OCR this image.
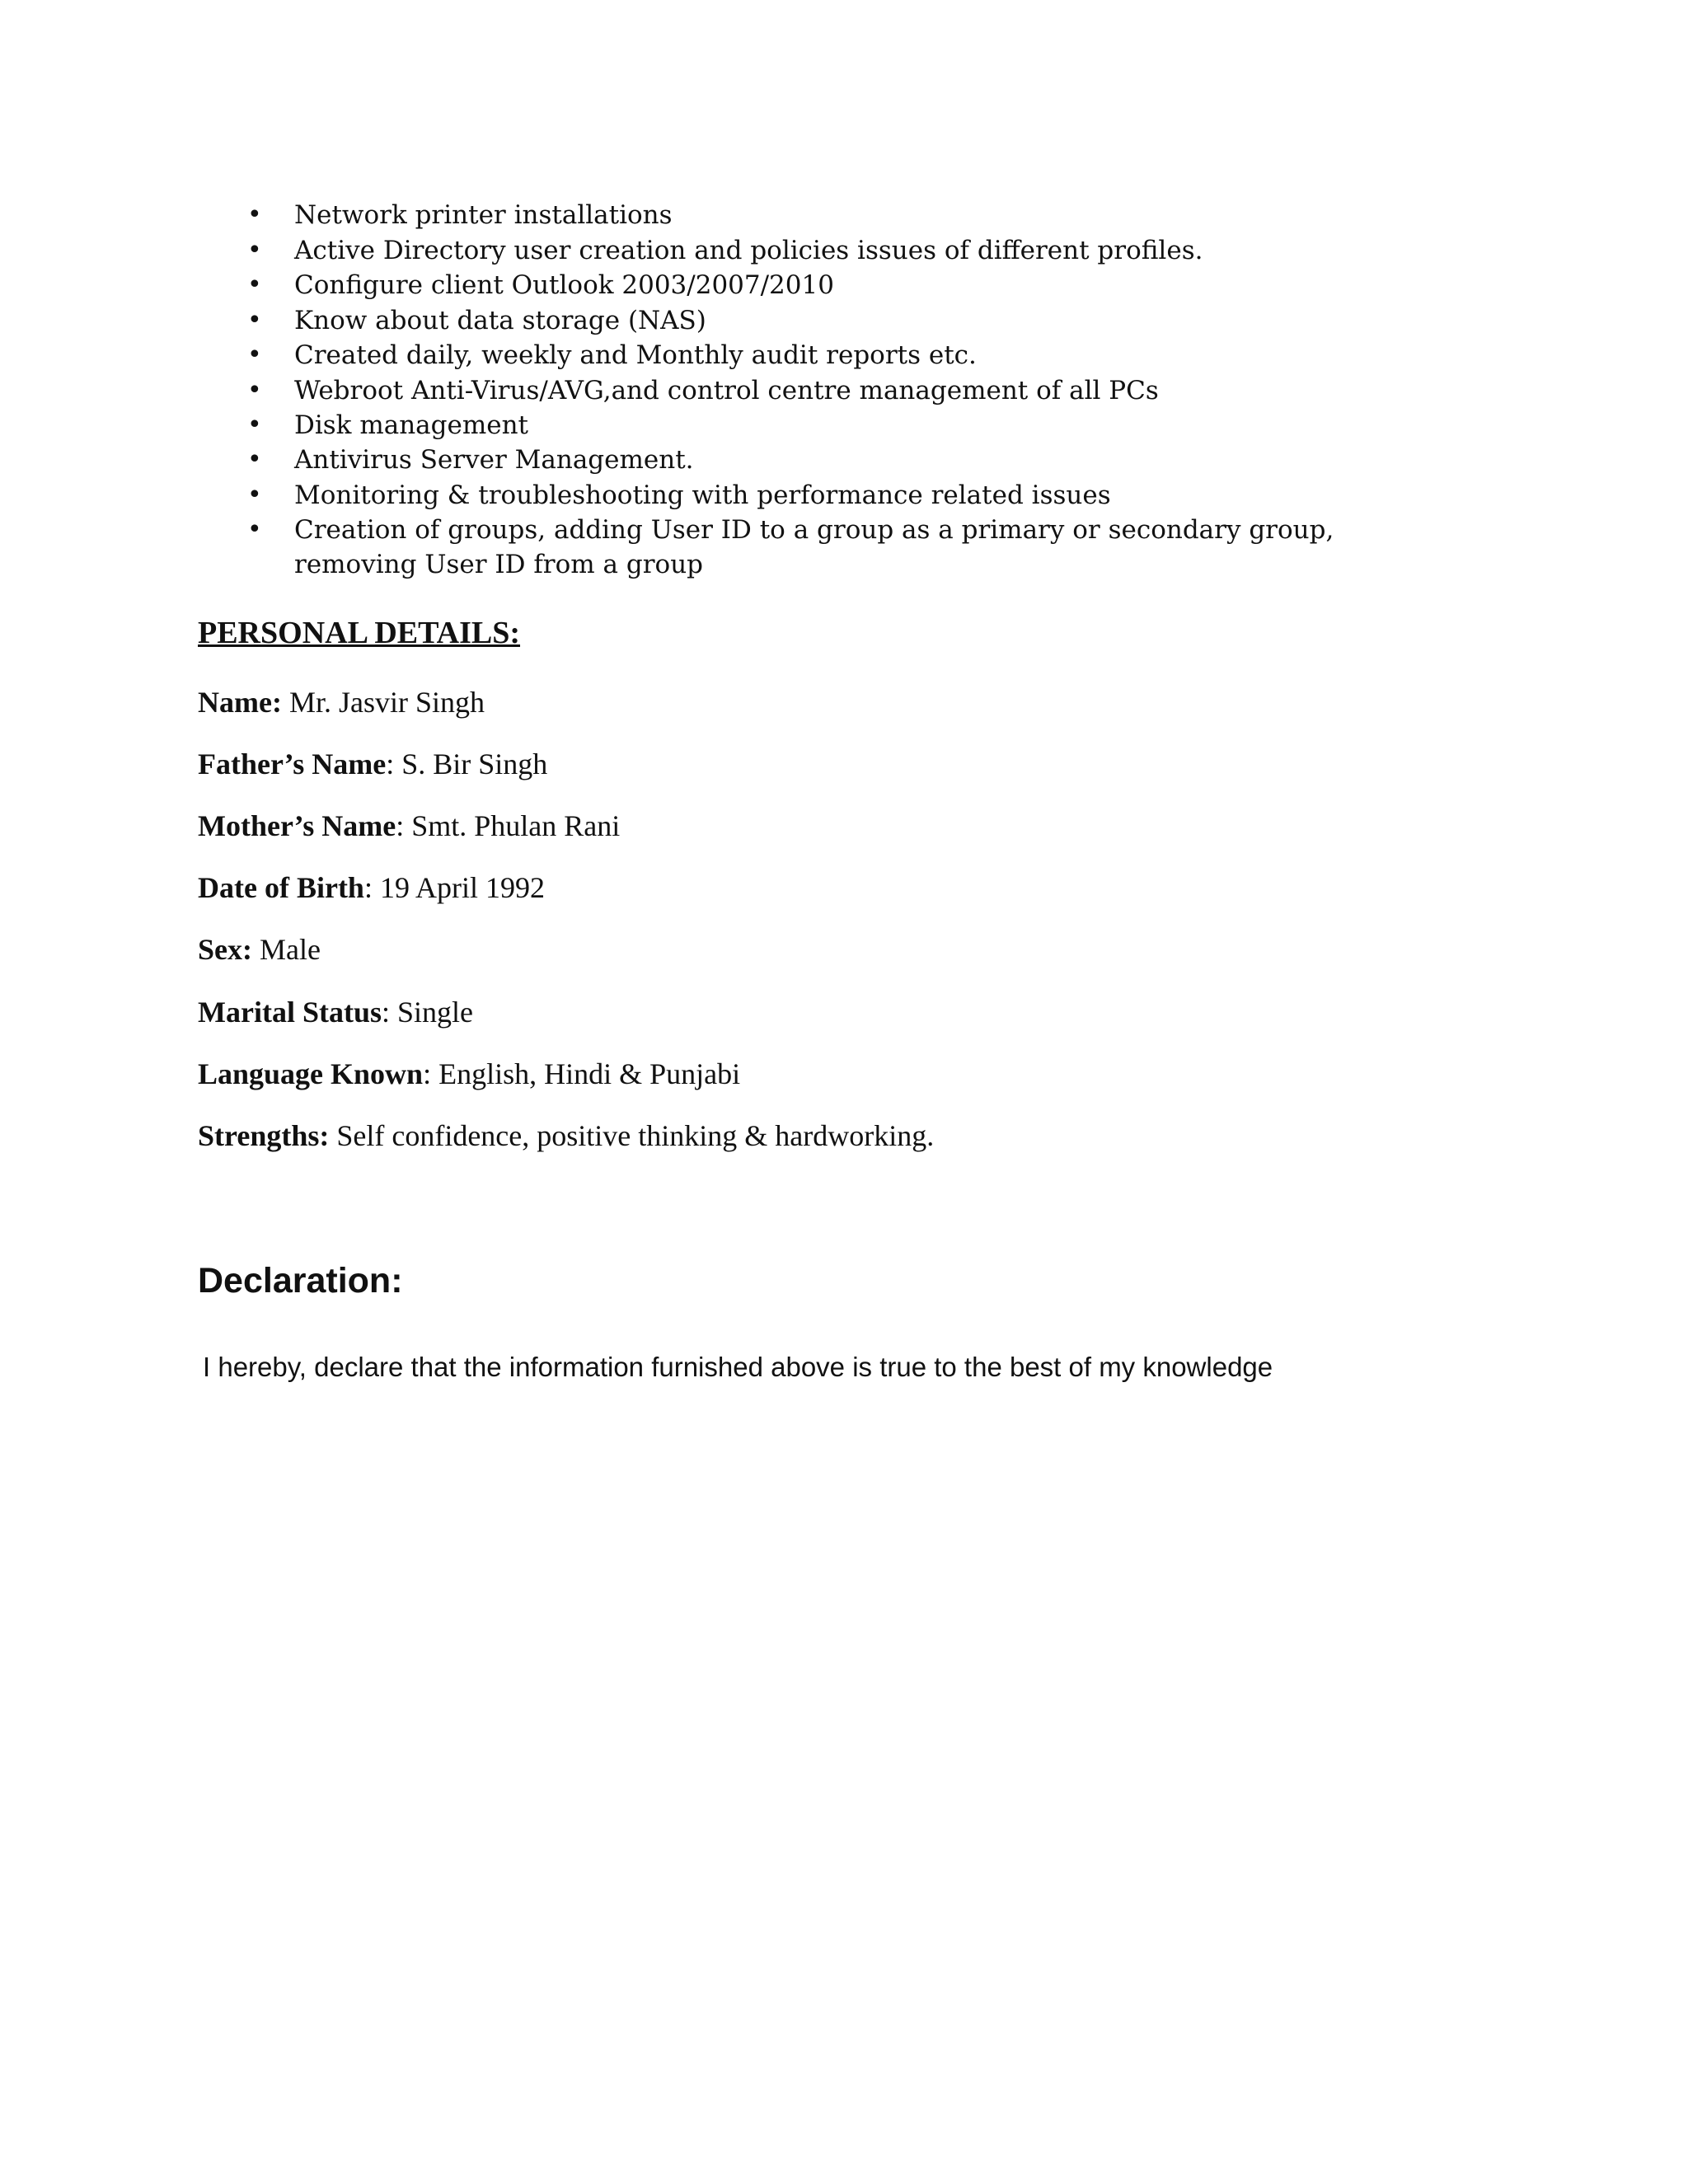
• Network printer installations
• Active Directory user creation and policies issues of different profiles.
• Configure client Outlook 2003/2007/2010
• Know about data storage (NAS)
• Created daily, weekly and Monthly audit reports etc.
• Webroot Anti-Virus/AVG,and control centre management of all PCs
• Disk management
• Antivirus Server Management.
• Monitoring & troubleshooting with performance related issues
• Creation of groups, adding User ID to a group as a primary or secondary group, removing User ID from a group
PERSONAL DETAILS:
Name: Mr. Jasvir Singh
Father’s Name: S. Bir Singh
Mother’s Name: Smt. Phulan Rani
Date of Birth: 19 April 1992
Sex: Male
Marital Status: Single
Language Known: English, Hindi & Punjabi
Strengths: Self confidence, positive thinking & hardworking.
Declaration:
I hereby, declare that the information furnished above is true to the best of my knowledge
